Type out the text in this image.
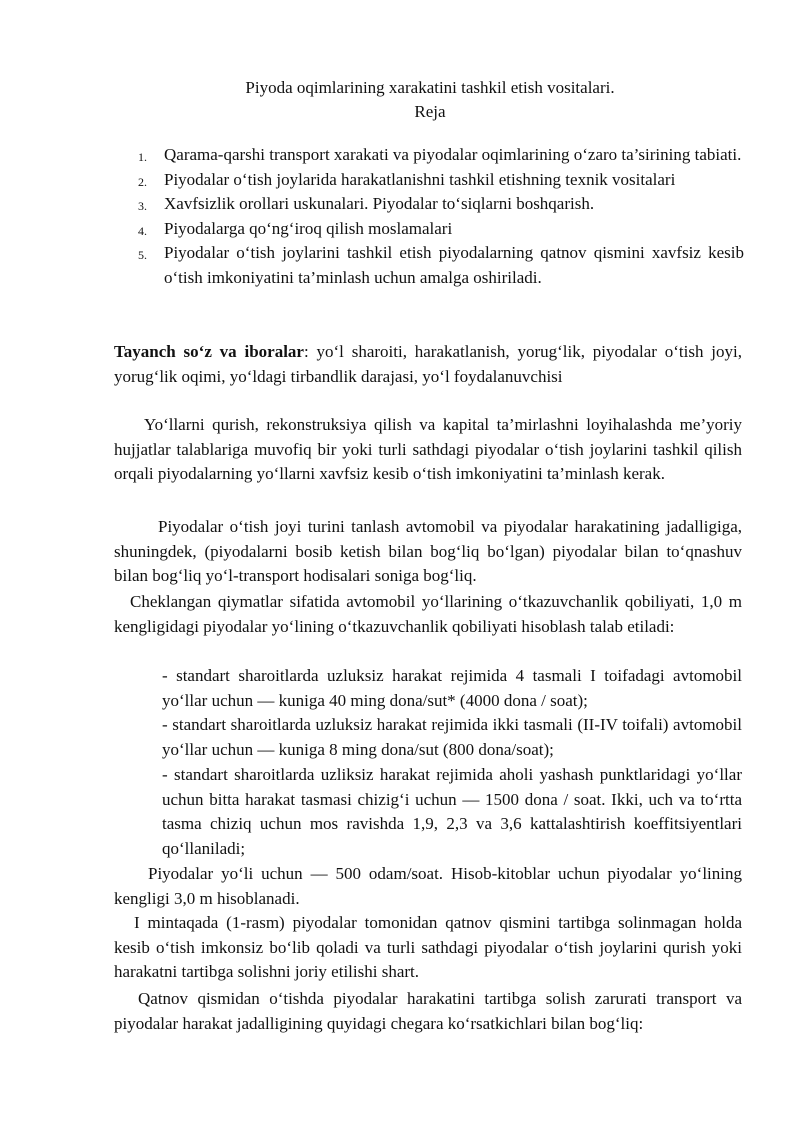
Piyoda oqimlarining xarakatini tashkil etish vositalari.
Reja
1. Qarama-qarshi transport xarakati va piyodalar oqimlarining o‘zaro ta’sirining tabiati.
2. Piyodalar o‘tish joylarida harakatlanishni tashkil etishning texnik vositalari
3. Xavfsizlik orollari uskunalari. Piyodalar to‘siqlarni boshqarish.
4. Piyodalarga qo‘ng‘iroq qilish moslamalari
5. Piyodalar o‘tish joylarini tashkil etish piyodalarning qatnov qismini xavfsiz kesib o‘tish imkoniyatini ta’minlash uchun amalga oshiriladi.

Tayanch so‘z va iboralar: yo‘l sharoiti, harakatlanish, yorug‘lik, piyodalar o‘tish joyi, yorug‘lik oqimi, yo‘ldagi tirbandlik darajasi, yo‘l foydalanuvchisi

Yo‘llarni qurish, rekonstruksiya qilish va kapital ta’mirlashni loyihalashda me’yoriy hujjatlar talablariga muvofiq bir yoki turli sathdagi piyodalar o‘tish joylarini tashkil qilish orqali piyodalarning yo‘llarni xavfsiz kesib o‘tish imkoniyatini ta’minlash kerak.

Piyodalar o‘tish joyi turini tanlash avtomobil va piyodalar harakatining jadalligiga, shuningdek, (piyodalarni bosib ketish bilan bog‘liq bo‘lgan) piyodalar bilan to‘qnashuv bilan bog‘liq yo‘l-transport hodisalari soniga bog‘liq.

Cheklangan qiymatlar sifatida avtomobil yo‘llarining o‘tkazuvchanlik qobiliyati, 1,0 m kengligidagi piyodalar yo‘lining o‘tkazuvchanlik qobiliyati hisoblash talab etiladi:

- standart sharoitlarda uzluksiz harakat rejimida 4 tasmali I toifadagi avtomobil yo‘llar uchun — kuniga 40 ming dona/sut* (4000 dona / soat);

- standart sharoitlarda uzluksiz harakat rejimida ikki tasmali (II-IV toifali) avtomobil yo‘llar uchun — kuniga 8 ming dona/sut (800 dona/soat);

- standart sharoitlarda uzliksiz harakat rejimida aholi yashash punktlaridagi yo‘llar uchun bitta harakat tasmasi chizig‘i uchun — 1500 dona / soat. Ikki, uch va to‘rtta tasma chiziq uchun mos ravishda 1,9, 2,3 va 3,6 kattalashtirish koeffitsiyentlari qo‘llaniladi;

Piyodalar yo‘li uchun — 500 odam/soat. Hisob-kitoblar uchun piyodalar yo‘lining kengligi 3,0 m hisoblanadi.

I mintaqada (1-rasm) piyodalar tomonidan qatnov qismini tartibga solinmagan holda kesib o‘tish imkonsiz bo‘lib qoladi va turli sathdagi piyodalar o‘tish joylarini qurish yoki harakatni tartibga solishni joriy etilishi shart.

Qatnov qismidan o‘tishda piyodalar harakatini tartibga solish zarurati transport va piyodalar harakat jadalligining quyidagi chegara ko‘rsatkichlari bilan bog‘liq:
